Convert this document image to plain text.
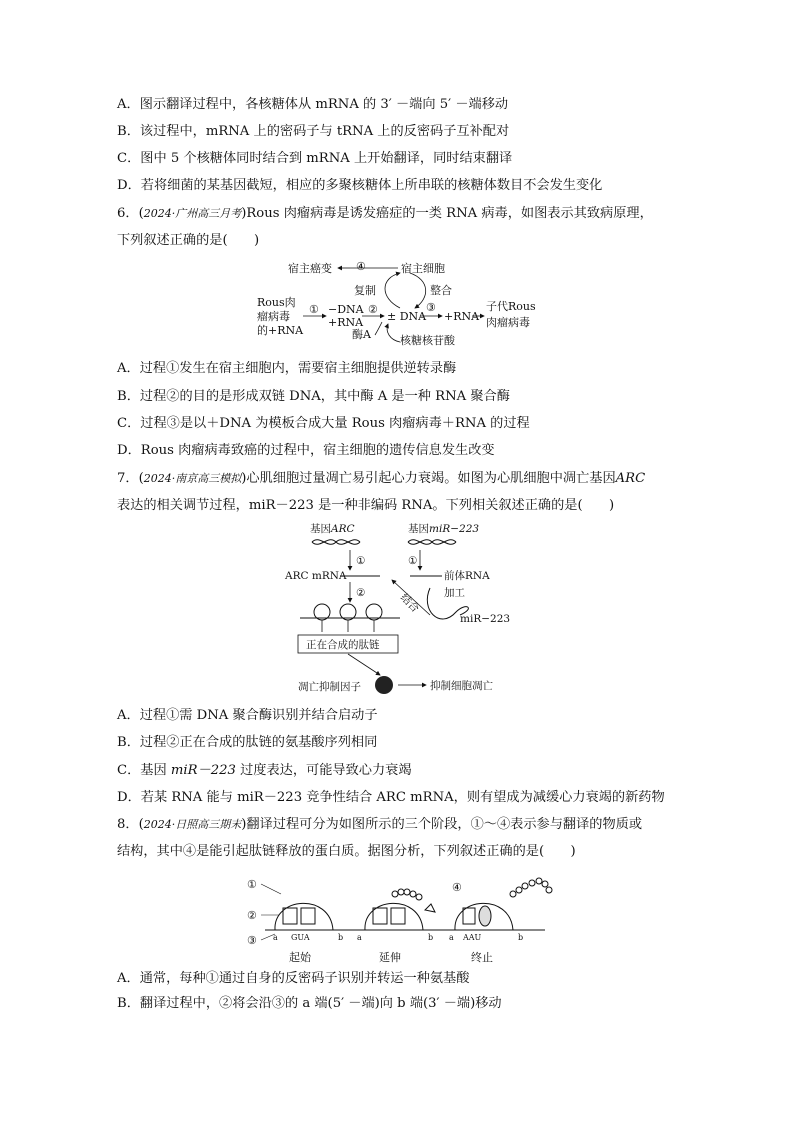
A．图示翻译过程中，各核糖体从 mRNA 的 3′ －端向 5′ －端移动
B．该过程中，mRNA 上的密码子与 tRNA 上的反密码子互补配对
C．图中 5 个核糖体同时结合到 mRNA 上开始翻译，同时结束翻译
D．若将细菌的某基因截短，相应的多聚核糖体上所串联的核糖体数目不会发生变化
6．(2024·广州高三月考)Rous 肉瘤病毒是诱发癌症的一类 RNA 病毒，如图表示其致病原理，
下列叙述正确的是(　　)
宿主癌变 ④	宿主细胞
Rous肉
瘤病毒
的+RNA
① −DNA
+RNA
复制
②
± DNA
整合
③
+RNA
子代Rous
肉瘤病毒
酶A	核糖核苷酸
A．过程①发生在宿主细胞内，需要宿主细胞提供逆转录酶
B．过程②的目的是形成双链 DNA，其中酶 A 是一种 RNA 聚合酶
C．过程③是以＋DNA 为模板合成大量 Rous 肉瘤病毒＋RNA 的过程
D．Rous 肉瘤病毒致癌的过程中，宿主细胞的遗传信息发生改变
7．(2024·南京高三模拟)心肌细胞过量凋亡易引起心力衰竭。如图为心肌细胞中凋亡基因ARC
表达的相关调节过程，miR－223 是一种非编码 RNA。下列相关叙述正确的是(　　)
基因ARC	基因miR−223
①	①
ARC mRNA	前体RNA
加工
②	结合
miR−223
正在合成的肽链
凋亡抑制因子	抑制细胞凋亡
A．过程①需 DNA 聚合酶识别并结合启动子
B．过程②正在合成的肽链的氨基酸序列相同
C．基因 miR－223 过度表达，可能导致心力衰竭
D．若某 RNA 能与 miR－223 竞争性结合 ARC mRNA，则有望成为减缓心力衰竭的新药物
8．(2024·日照高三期末)翻译过程可分为如图所示的三个阶段，①～④表示参与翻译的物质或
结构，其中④是能引起肽链释放的蛋白质。据图分析，下列叙述正确的是(　　)
①
②
③
④
a GUA	b a	b a AAU	b
起始	延伸	终止
A．通常，每种①通过自身的反密码子识别并转运一种氨基酸
B．翻译过程中，②将会沿③的 a 端(5′ －端)向 b 端(3′ －端)移动
